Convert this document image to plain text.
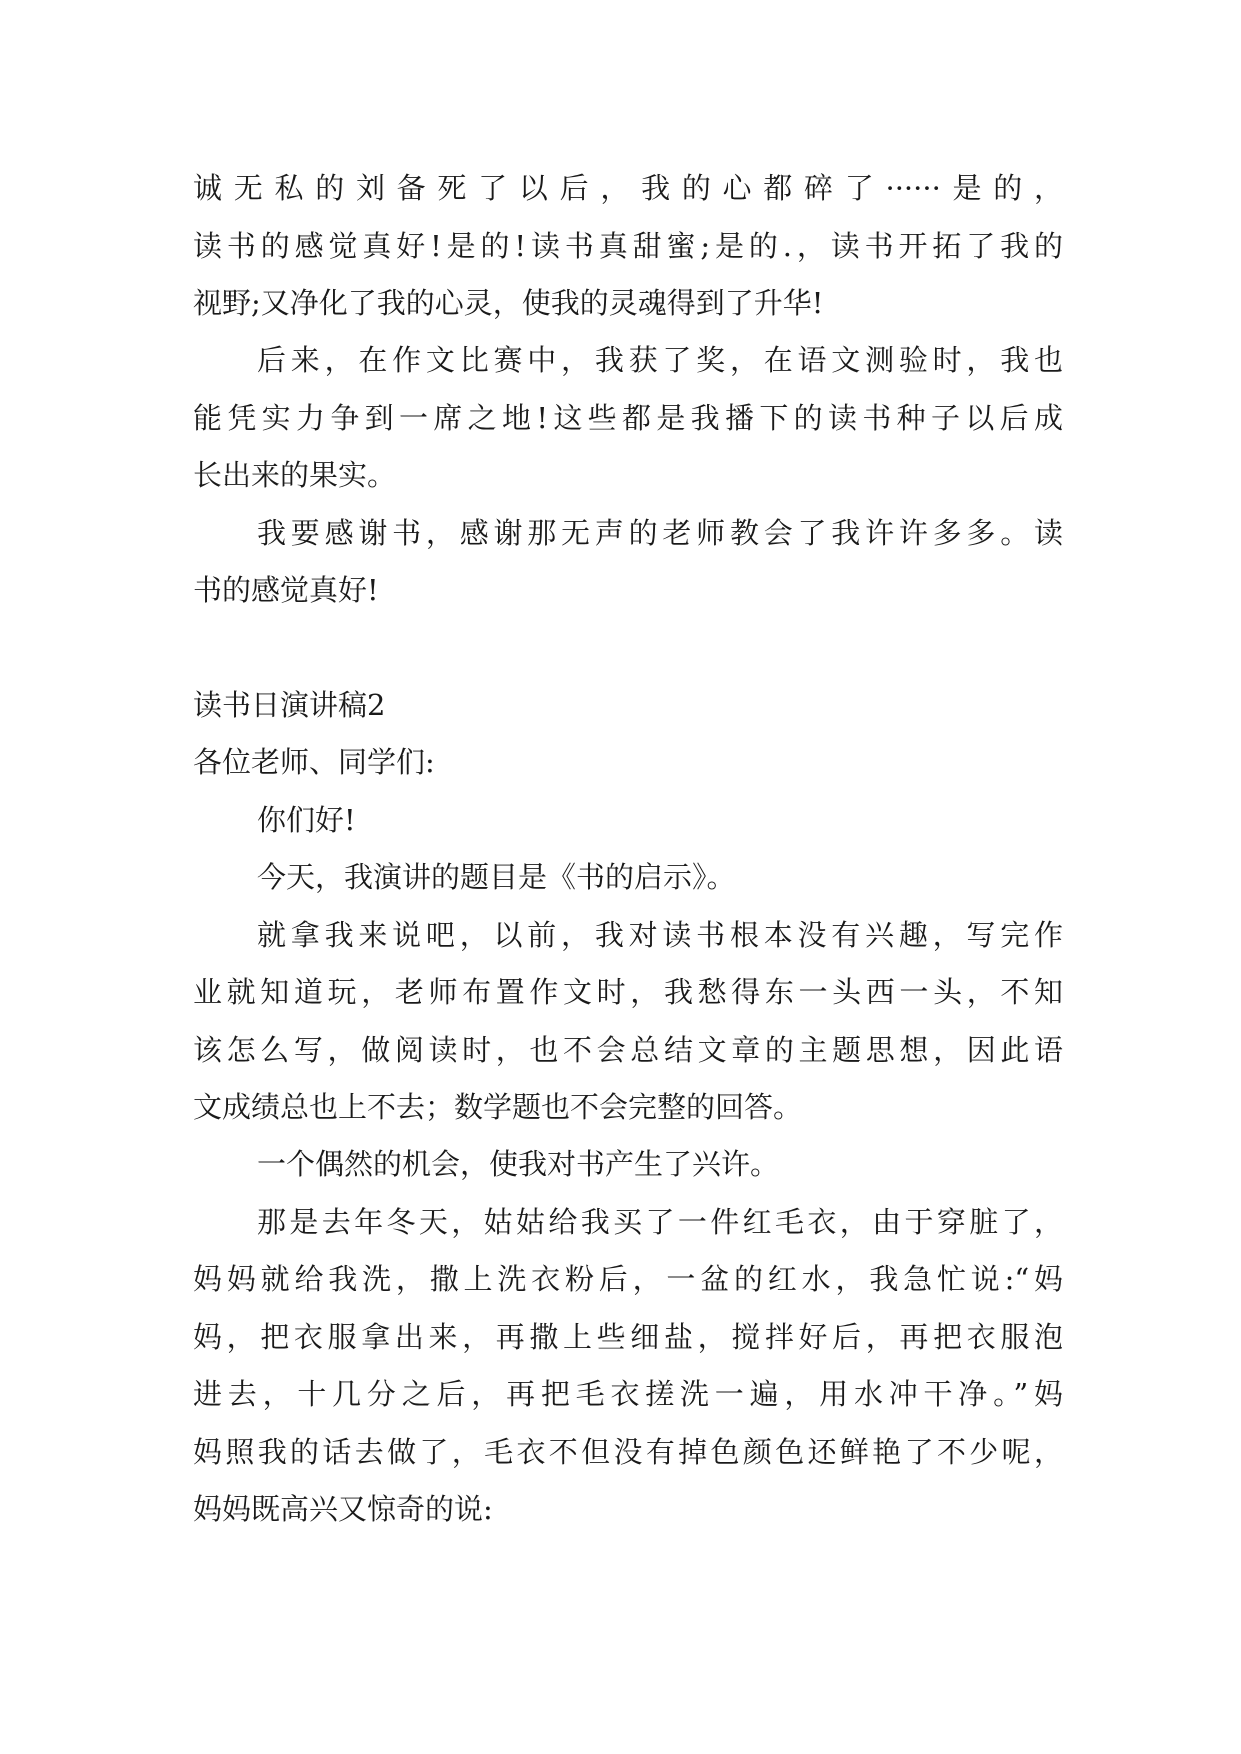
诚无私的刘备死了以后，我的心都碎了······是的，
读书的感觉真好!是的!读书真甜蜜;是的.，读书开拓了我的
视野;又净化了我的心灵，使我的灵魂得到了升华!
后来，在作文比赛中，我获了奖，在语文测验时，我也
能凭实力争到一席之地!这些都是我播下的读书种子以后成
长出来的果实。
我要感谢书，感谢那无声的老师教会了我许许多多。读
书的感觉真好!
读书日演讲稿2
各位老师、同学们:
你们好!
今天，我演讲的题目是《书的启示》。
就拿我来说吧，以前，我对读书根本没有兴趣，写完作
业就知道玩，老师布置作文时，我愁得东一头西一头，不知
该怎么写，做阅读时，也不会总结文章的主题思想，因此语
文成绩总也上不去；数学题也不会完整的回答。
一个偶然的机会，使我对书产生了兴许。
那是去年冬天，姑姑给我买了一件红毛衣，由于穿脏了，
妈妈就给我洗，撒上洗衣粉后，一盆的红水，我急忙说:“妈
妈，把衣服拿出来，再撒上些细盐，搅拌好后，再把衣服泡
进去，十几分之后，再把毛衣搓洗一遍，用水冲干净。”妈
妈照我的话去做了，毛衣不但没有掉色颜色还鲜艳了不少呢，
妈妈既高兴又惊奇的说:
